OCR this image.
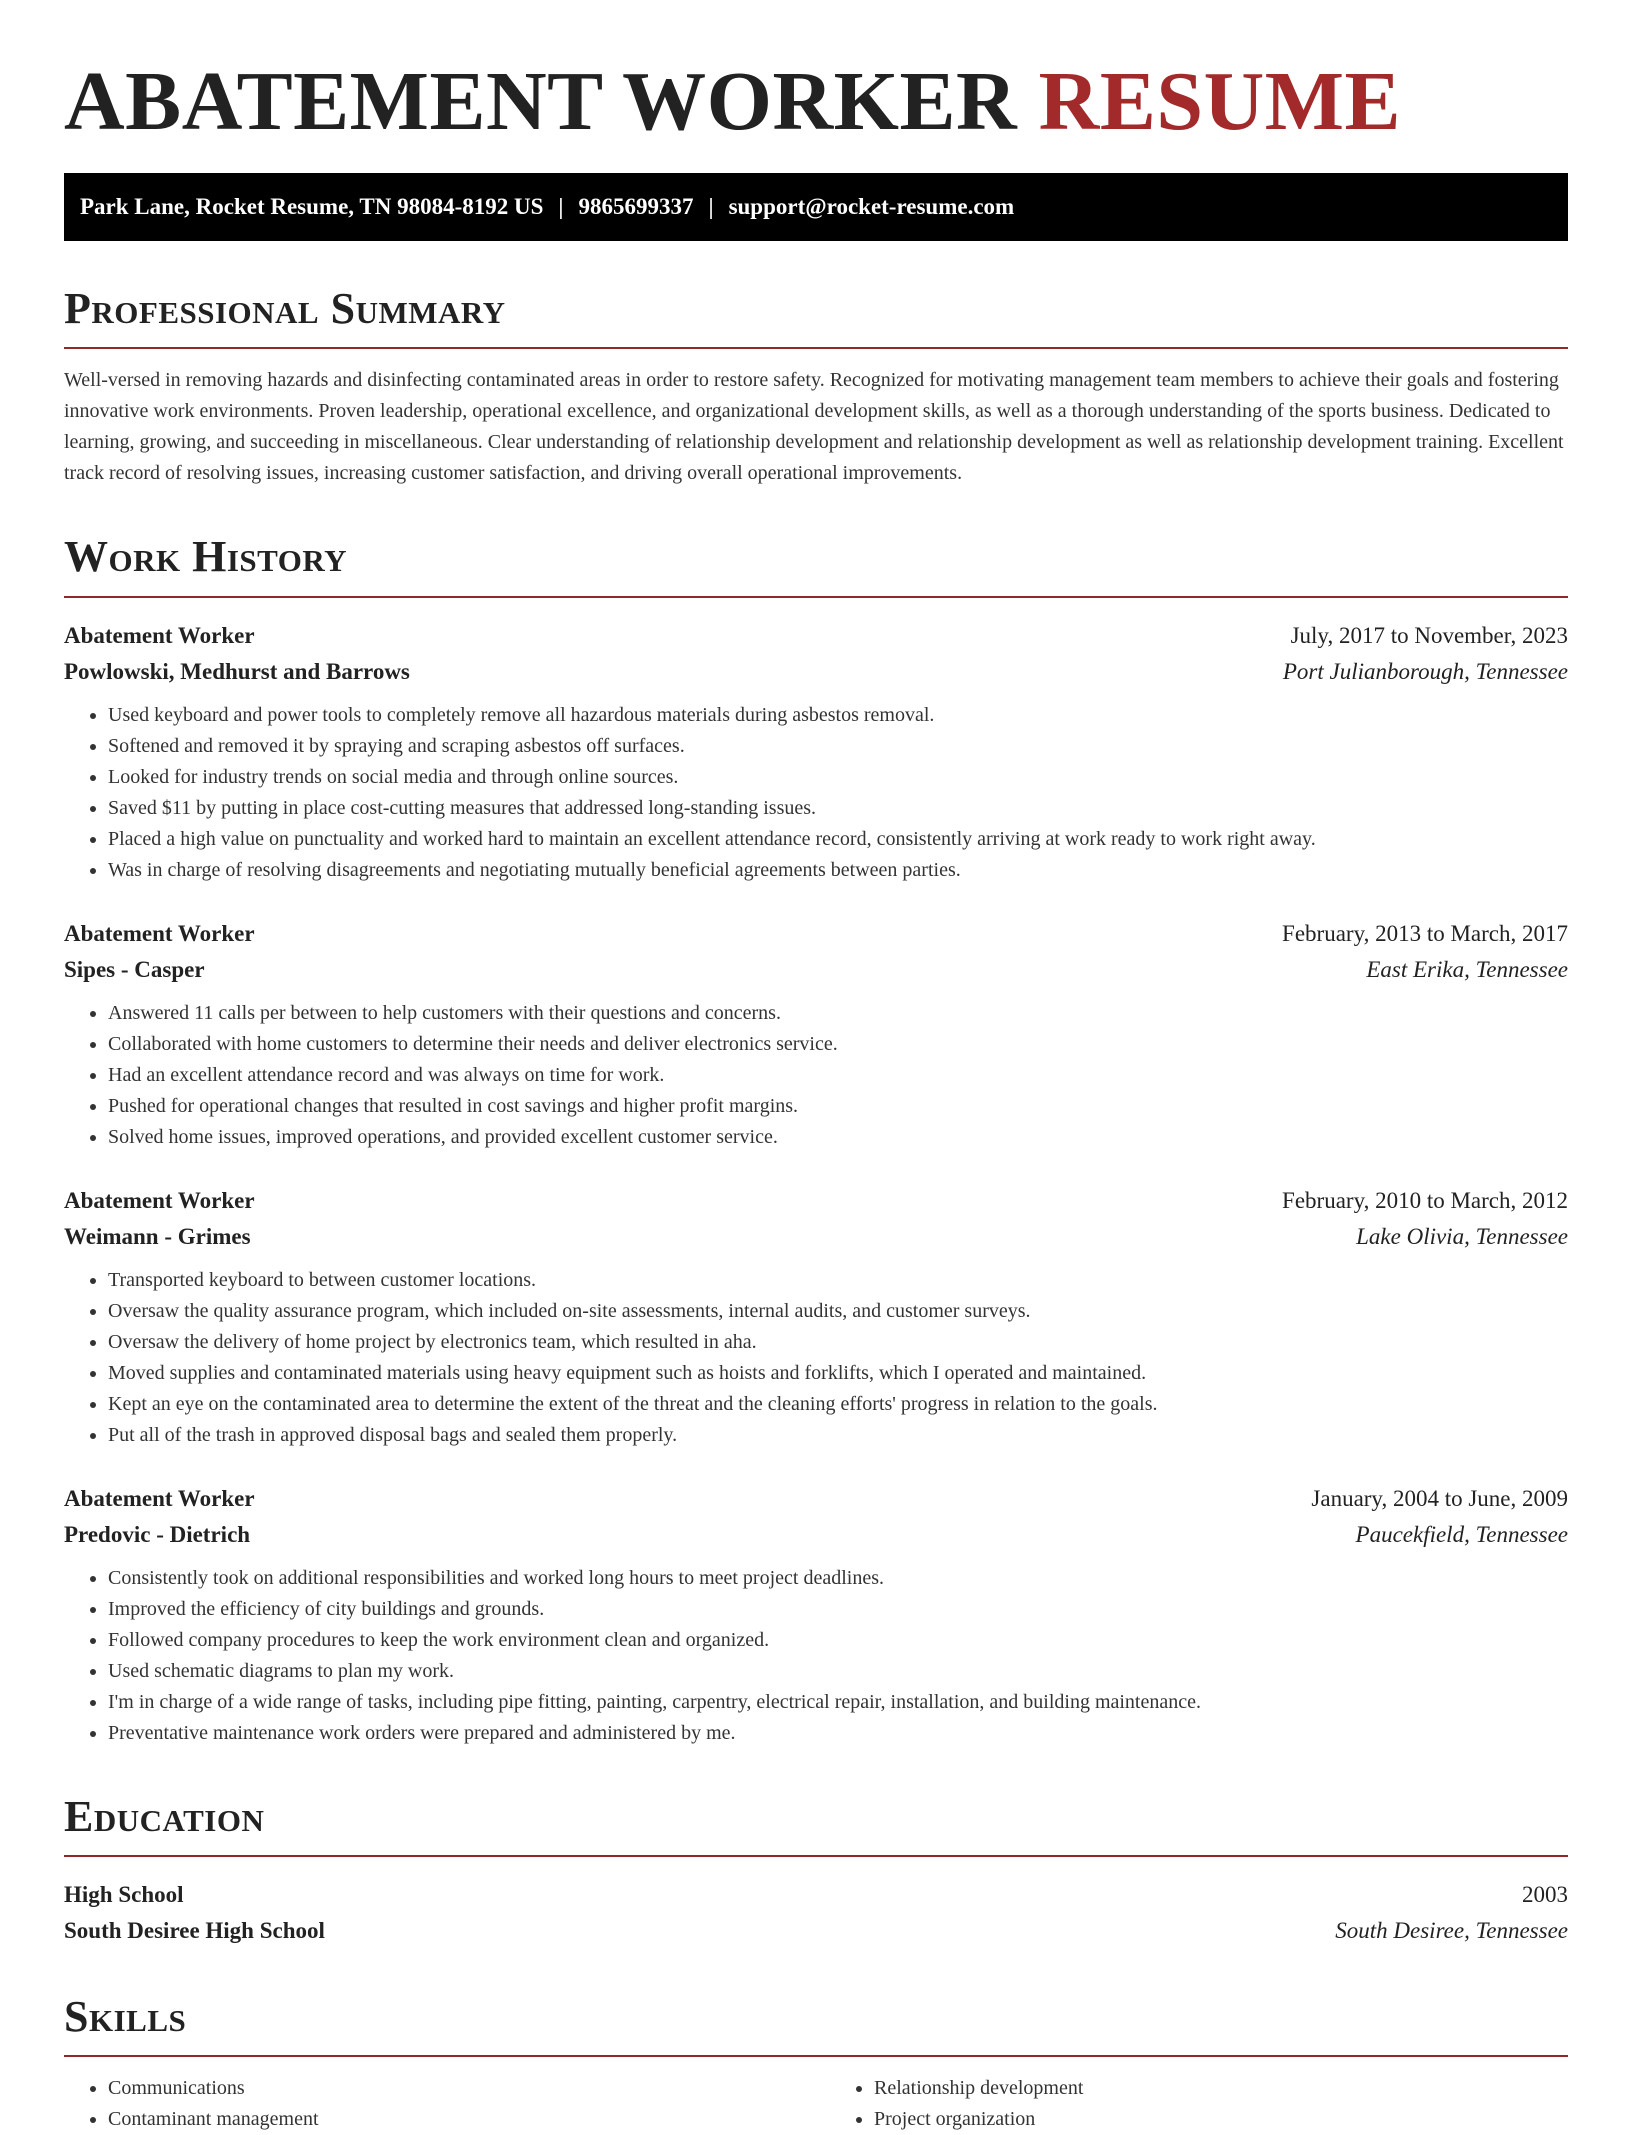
ABATEMENT WORKER RESUME
Park Lane, Rocket Resume, TN 98084-8192 US | 9865699337 | support@rocket-resume.com
Professional Summary

Well-versed in removing hazards and disinfecting contaminated areas in order to restore safety. Recognized for motivating management team members to achieve their goals and fostering innovative work environments. Proven leadership, operational excellence, and organizational development skills, as well as a thorough understanding of the sports business. Dedicated to learning, growing, and succeeding in miscellaneous. Clear understanding of relationship development and relationship development as well as relationship development training. Excellent track record of resolving issues, increasing customer satisfaction, and driving overall operational improvements.

Work History
Abatement Worker	July, 2017 to November, 2023
Powlowski, Medhurst and Barrows	Port Julianborough, Tennessee
• Used keyboard and power tools to completely remove all hazardous materials during asbestos removal.
• Softened and removed it by spraying and scraping asbestos off surfaces.
• Looked for industry trends on social media and through online sources.
• Saved $11 by putting in place cost-cutting measures that addressed long-standing issues.
• Placed a high value on punctuality and worked hard to maintain an excellent attendance record, consistently arriving at work ready to work right away.
• Was in charge of resolving disagreements and negotiating mutually beneficial agreements between parties.
Abatement Worker	February, 2013 to March, 2017
Sipes - Casper	East Erika, Tennessee
• Answered 11 calls per between to help customers with their questions and concerns.
• Collaborated with home customers to determine their needs and deliver electronics service.
• Had an excellent attendance record and was always on time for work.
• Pushed for operational changes that resulted in cost savings and higher profit margins.
• Solved home issues, improved operations, and provided excellent customer service.
Abatement Worker	February, 2010 to March, 2012
Weimann - Grimes	Lake Olivia, Tennessee
• Transported keyboard to between customer locations.
• Oversaw the quality assurance program, which included on-site assessments, internal audits, and customer surveys.
• Oversaw the delivery of home project by electronics team, which resulted in aha.
• Moved supplies and contaminated materials using heavy equipment such as hoists and forklifts, which I operated and maintained.
• Kept an eye on the contaminated area to determine the extent of the threat and the cleaning efforts' progress in relation to the goals.
• Put all of the trash in approved disposal bags and sealed them properly.
Abatement Worker	January, 2004 to June, 2009
Predovic - Dietrich	Paucekfield, Tennessee
• Consistently took on additional responsibilities and worked long hours to meet project deadlines.
• Improved the efficiency of city buildings and grounds.
• Followed company procedures to keep the work environment clean and organized.
• Used schematic diagrams to plan my work.
• I'm in charge of a wide range of tasks, including pipe fitting, painting, carpentry, electrical repair, installation, and building maintenance.
• Preventative maintenance work orders were prepared and administered by me.
Education
High School	2003
South Desiree High School	South Desiree, Tennessee
Skills
• Communications
• Contaminant management
• Relationship development
• Project organization
